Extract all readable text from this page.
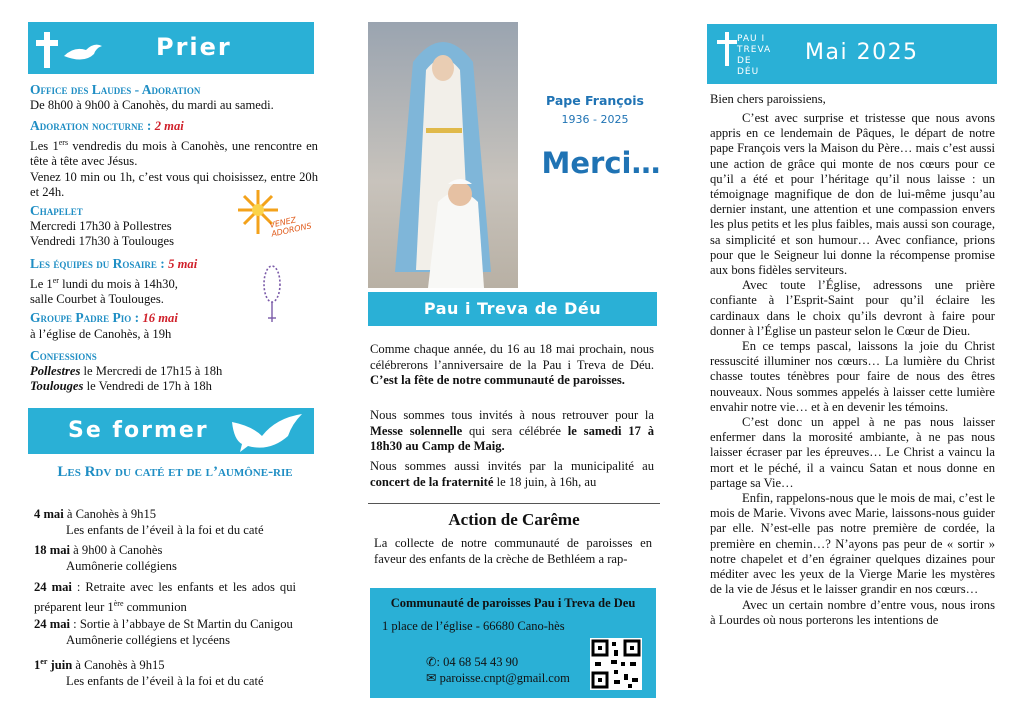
Prier
Office des Laudes - Adoration

De 8h00 à 9h00 à Canohès, du mardi au samedi.

Adoration nocturne : 2 mai

Les 1ers vendredis du mois à Canohès, une rencontre en tête à tête avec Jésus.

Venez 10 min ou 1h, c’est vous qui choisissez, entre 20h et 24h.

Chapelet

Mercredi 17h30 à Pollestres

Vendredi 17h30 à Toulouges

VENEZ ADORONS
Les équipes du Rosaire : 5 mai

Le 1er lundi du mois à 14h30,

salle Courbet à Toulouges.

Groupe Padre Pio : 16 mai

à l’église de Canohès, à 19h

Confessions

Pollestres le Mercredi de 17h15 à 18h

Toulouges le Vendredi de 17h à 18h

Se former
Les Rdv du caté et de l’aumône-rie

4 mai à Canohès à 9h15

Les enfants de l’éveil à la foi et du caté

18 mai à 9h00 à Canohès

Aumônerie collégiens

24 mai : Retraite avec les enfants et les ados qui préparent leur 1ère communion

24 mai : Sortie à l’abbaye de St Martin du Canigou

Aumônerie collégiens et lycéens

1er juin à Canohès à 9h15

Les enfants de l’éveil à la foi et du caté

Pape François
1936 - 2025
Merci…
Pau i Treva de Déu
Comme chaque année, du 16 au 18 mai prochain, nous célébrerons l’anniversaire de la Pau i Treva de Déu. C’est la fête de notre communauté de paroisses.
Nous sommes tous invités à nous retrouver pour la Messe solennelle qui sera célébrée le samedi 17 à 18h30 au Camp de Maig.
Nous sommes aussi invités par la municipalité au concert de la fraternité le 18 juin, à 16h, au
Action de Carême
La collecte de notre communauté de paroisses en faveur des enfants de la crèche de Bethléem a rap-
Communauté de paroisses Pau i Treva de Deu
1 place de l’église - 66680 Cano-hès
✆: 04 68 54 43 90
✉ paroisse.cnpt@gmail.com
PAU I TREVA DE DÉU
Mai 2025
Bien chers paroissiens,

C’est avec surprise et tristesse que nous avons appris en ce lendemain de Pâques, le départ de notre pape François vers la Maison du Père… mais c’est aussi une action de grâce qui monte de nos cœurs pour ce qu’il a été et pour l’héritage qu’il nous laisse : un témoignage magnifique de don de lui-même jusqu’au dernier instant, une attention et une compassion envers les plus petits et les plus faibles, mais aussi son courage, sa simplicité et son humour… Avec confiance, prions pour que le Seigneur lui donne la récompense promise aux bons fidèles serviteurs.

Avec toute l’Église, adressons une prière confiante à l’Esprit-Saint pour qu’il éclaire les cardinaux dans le choix qu’ils devront à faire pour donner à l’Église un pasteur selon le Cœur de Dieu.

En ce temps pascal, laissons la joie du Christ ressuscité illuminer nos cœurs… La lumière du Christ chasse toutes ténèbres pour faire de nous des êtres nouveaux. Nous sommes appelés à laisser cette lumière envahir notre vie… et à en devenir les témoins.

C’est donc un appel à ne pas nous laisser enfermer dans la morosité ambiante, à ne pas nous laisser écraser par les épreuves… Le Christ a vaincu la mort et le péché, il a vaincu Satan et nous donne en partage sa Vie…

Enfin, rappelons-nous que le mois de mai, c’est le mois de Marie. Vivons avec Marie, laissons-nous guider par elle. N’est-elle pas notre première de cordée, la première en chemin…? N’ayons pas peur de « sortir » notre chapelet et d’en égrainer quelques dizaines pour méditer avec les yeux de la Vierge Marie les mystères de la vie de Jésus et le laisser grandir en nos cœurs…

Avec un certain nombre d’entre vous, nous irons à Lourdes où nous porterons les intentions de
